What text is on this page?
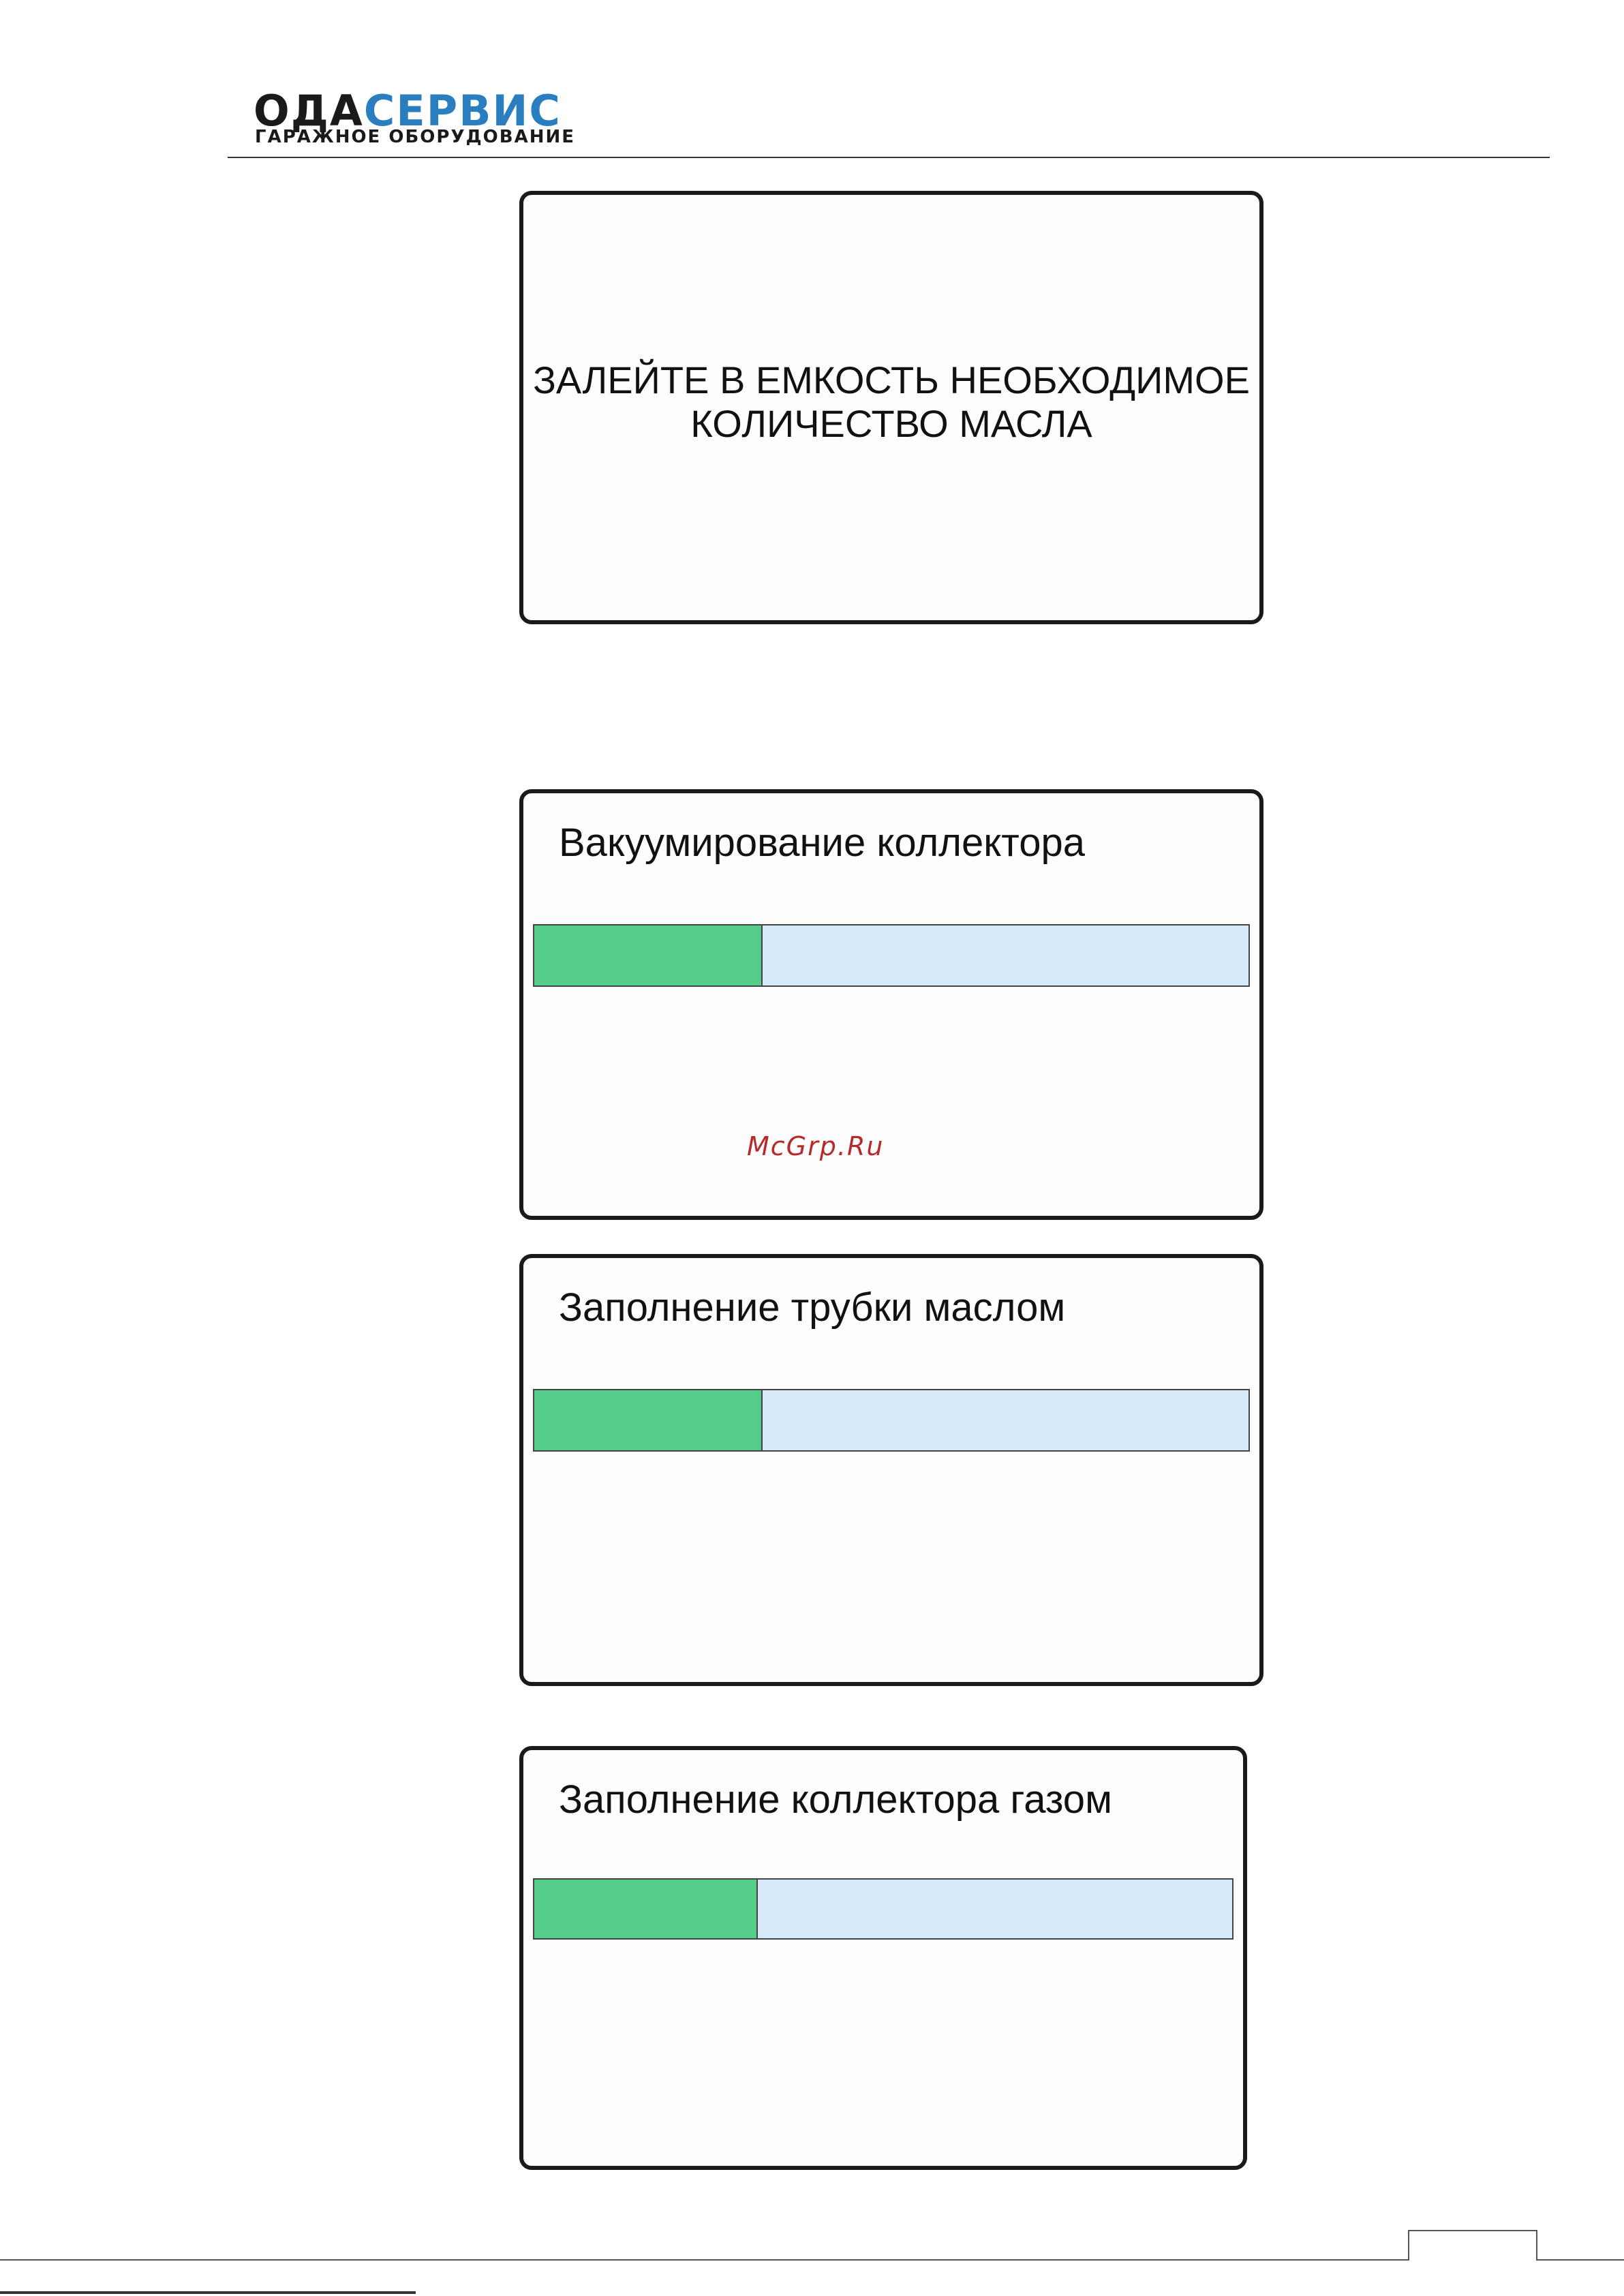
ОДАСЕРВИС
ГАРАЖНОЕ ОБОРУДОВАНИЕ
ЗАЛЕЙТЕ В ЕМКОСТЬ НЕОБХОДИМОЕ
КОЛИЧЕСТВО МАСЛА
Вакуумирование коллектора
McGrp.Ru
Заполнение трубки маслом
Заполнение коллектора газом
